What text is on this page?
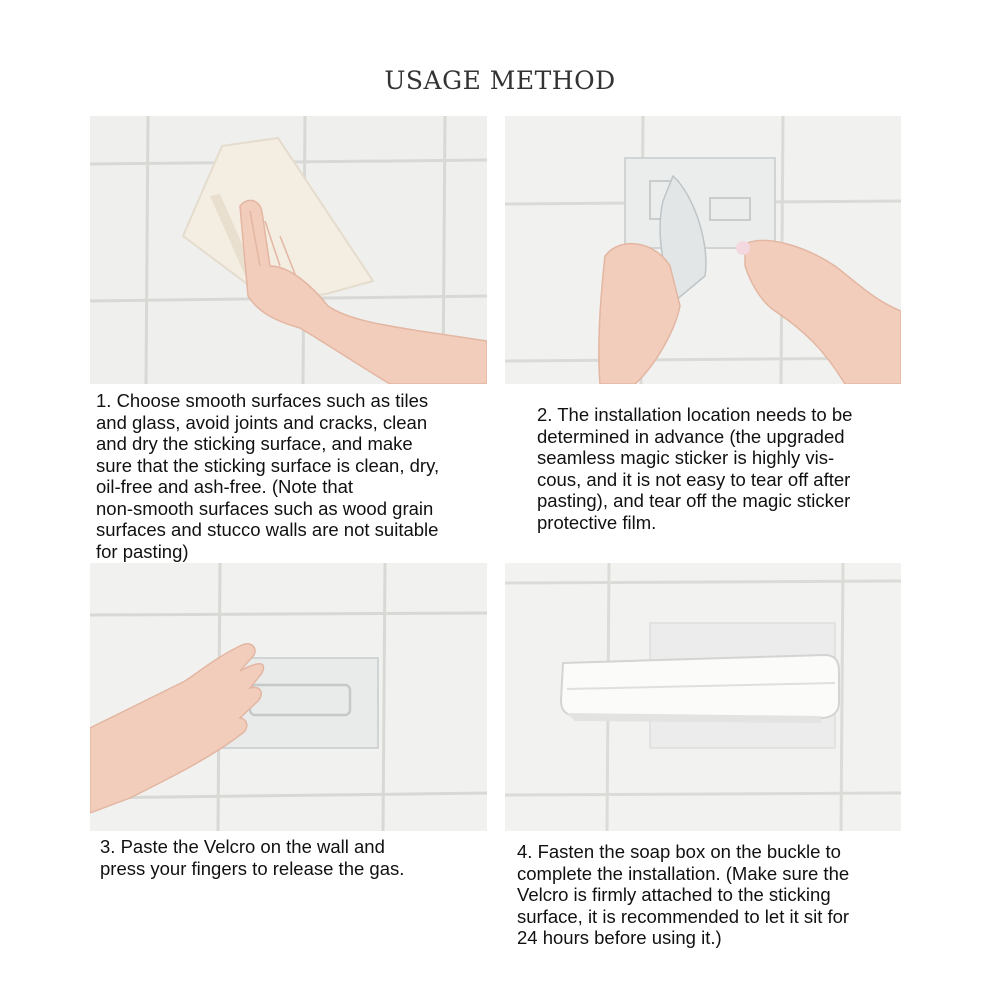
USAGE METHOD

1. Choose smooth surfaces such as tiles
and glass, avoid joints and cracks, clean
and dry the sticking surface, and make
sure that the sticking surface is clean, dry,
oil-free and ash-free. (Note that
non-smooth surfaces such as wood grain
surfaces and stucco walls are not suitable
for pasting)

2. The installation location needs to be
determined in advance (the upgraded
seamless magic sticker is highly vis-
cous, and it is not easy to tear off after
pasting), and tear off the magic sticker
protective film.

3. Paste the Velcro on the wall and
press your fingers to release the gas.

4. Fasten the soap box on the buckle to
complete the installation. (Make sure the
Velcro is firmly attached to the sticking
surface, it is recommended to let it sit for
24 hours before using it.)
